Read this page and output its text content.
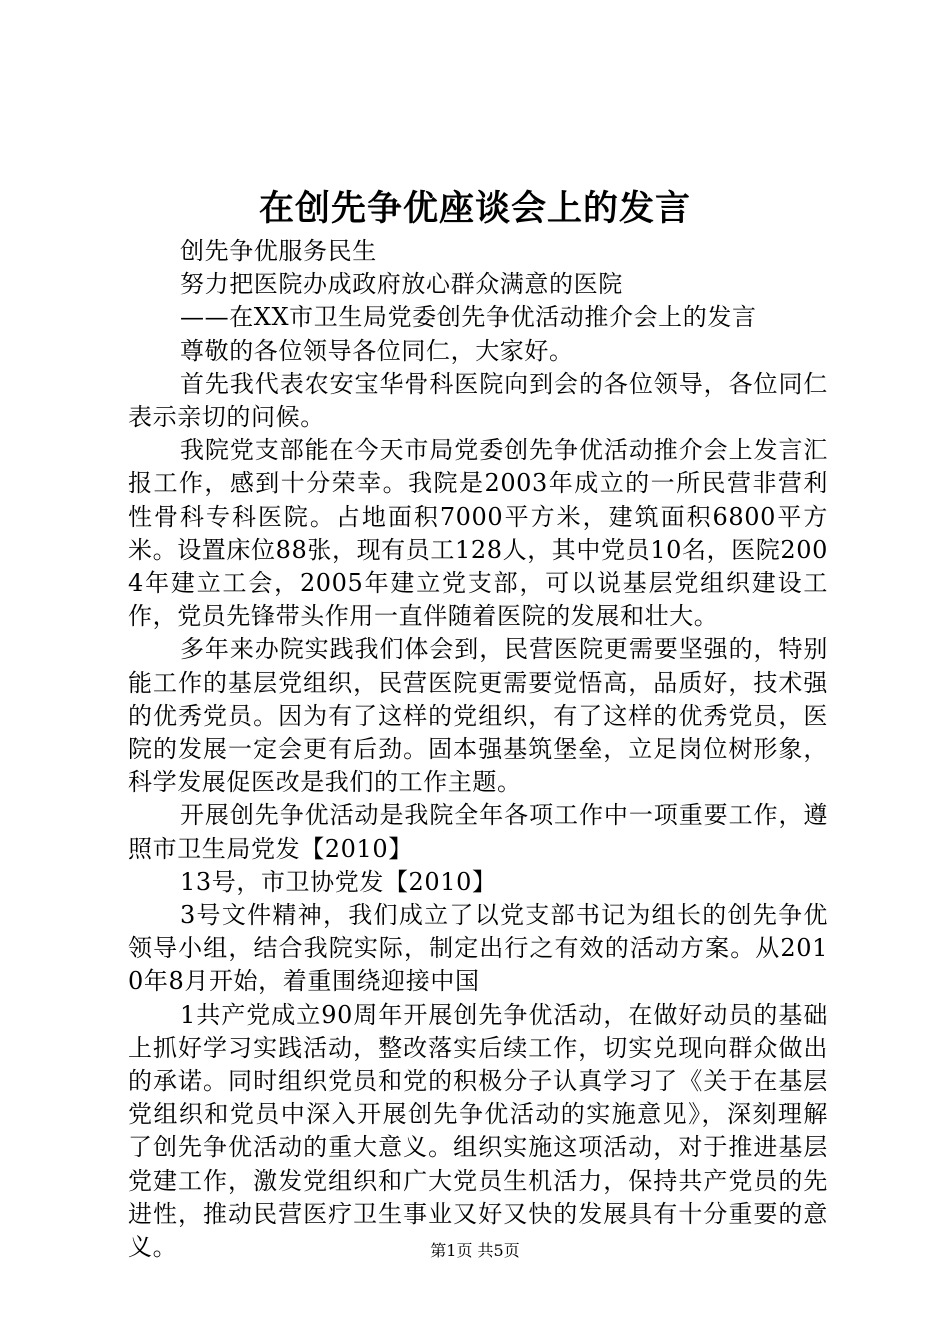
在创先争优座谈会上的发言

创先争优服务民生

努力把医院办成政府放心群众满意的医院

——在XX市卫生局党委创先争优活动推介会上的发言

尊敬的各位领导各位同仁，大家好。

首先我代表农安宝华骨科医院向到会的各位领导，各位同仁表示亲切的问候。

我院党支部能在今天市局党委创先争优活动推介会上发言汇报工作，感到十分荣幸。我院是2003年成立的一所民营非营利性骨科专科医院。占地面积7000平方米，建筑面积6800平方米。设置床位88张，现有员工128人，其中党员10名，医院2004年建立工会，2005年建立党支部，可以说基层党组织建设工作，党员先锋带头作用一直伴随着医院的发展和壮大。

多年来办院实践我们体会到，民营医院更需要坚强的，特别能工作的基层党组织，民营医院更需要觉悟高，品质好，技术强的优秀党员。因为有了这样的党组织，有了这样的优秀党员，医院的发展一定会更有后劲。固本强基筑堡垒，立足岗位树形象，科学发展促医改是我们的工作主题。

开展创先争优活动是我院全年各项工作中一项重要工作，遵照市卫生局党发【2010】

13号，市卫协党发【2010】

3号文件精神，我们成立了以党支部书记为组长的创先争优领导小组，结合我院实际，制定出行之有效的活动方案。从2010年8月开始，着重围绕迎接中国

1共产党成立90周年开展创先争优活动，在做好动员的基础上抓好学习实践活动，整改落实后续工作，切实兑现向群众做出的承诺。同时组织党员和党的积极分子认真学习了《关于在基层党组织和党员中深入开展创先争优活动的实施意见》，深刻理解了创先争优活动的重大意义。组织实施这项活动，对于推进基层党建工作，激发党组织和广大党员生机活力，保持共产党员的先进性，推动民营医疗卫生事业又好又快的发展具有十分重要的意义。	第1页 共5页
